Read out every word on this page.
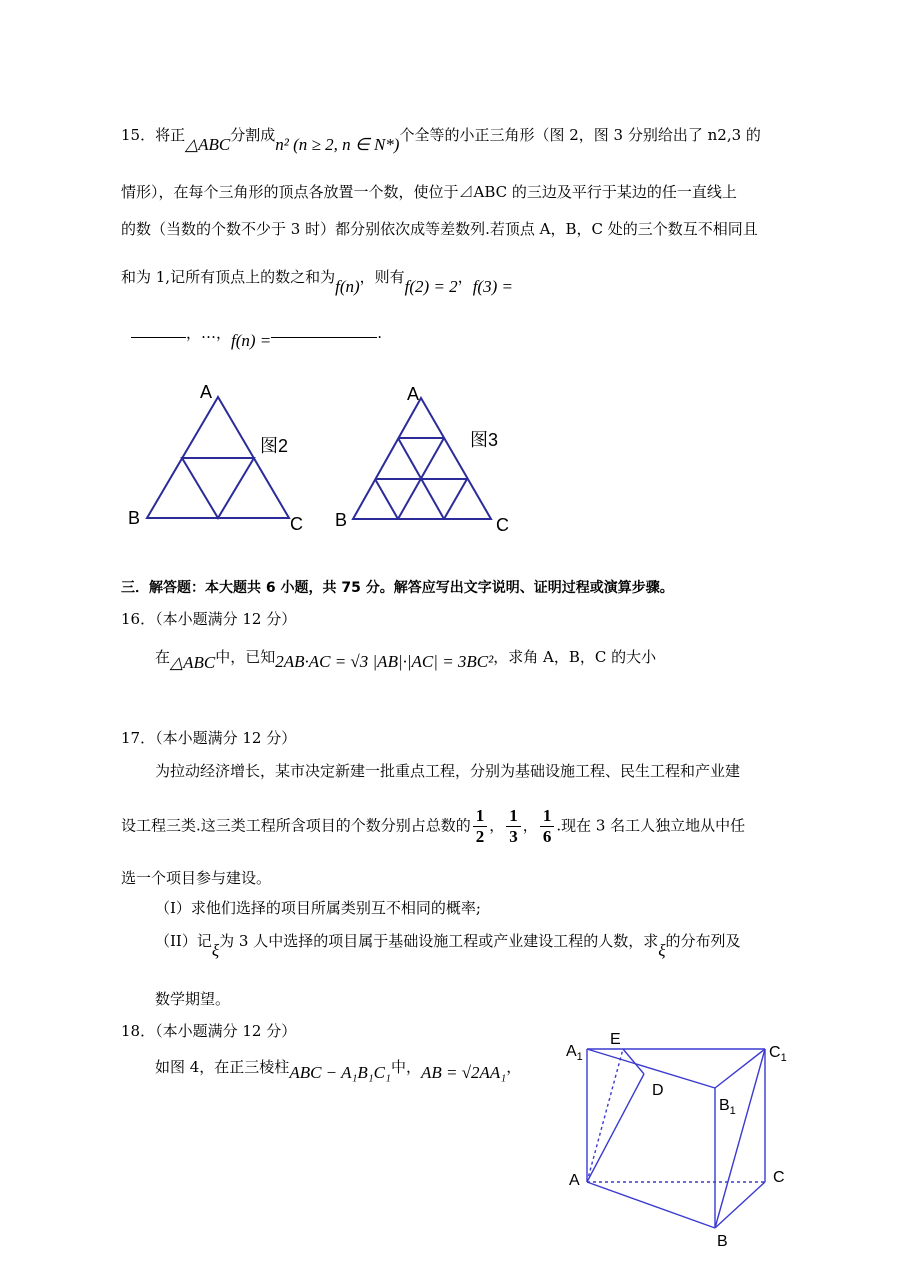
15．将正△ABC分割成n² (n ≥ 2, n ∈ N*)个全等的小正三角形（图 2，图 3 分别给出了 n2,3 的
情形），在每个三角形的顶点各放置一个数，使位于⊿ABC 的三边及平行于某边的任一直线上
的数（当数的个数不少于 3 时）都分别依次成等差数列.若顶点 A，B，C 处的三个数互不相同且
和为 1,记所有顶点上的数之和为f(n)，则有f(2) = 2，f(3) =
，…，f(n) =	.
A
B	C
图2
A
B	C
图3
三．解答题：本大题共 6 小题，共 75 分。解答应写出文字说明、证明过程或演算步骤。
16．（本小题满分 12 分）
在△ABC中，已知2AB·AC = √3 |AB|·|AC| = 3BC²，求角 A，B，C 的大小
17．（本小题满分 12 分）
为拉动经济增长，某市决定新建一批重点工程，分别为基础设施工程、民生工程和产业建
设工程三类.这三类工程所含项目的个数分别占总数的 $\frac{1}{2}$ ， $\frac{1}{3}$ ， $\frac{1}{6}$ .现在 3 名工人独立地从中任
选一个项目参与建设。
（I）求他们选择的项目所属类别互不相同的概率;
（II）记ξ为 3 人中选择的项目属于基础设施工程或产业建设工程的人数，求ξ的分布列及
数学期望。
18．（本小题满分 12 分）
如图 4，在正三棱柱ABC − A₁B₁C₁中，AB = √2AA₁，
$A_1$
E
$C_1$
D
$B_1$
A	C
B
